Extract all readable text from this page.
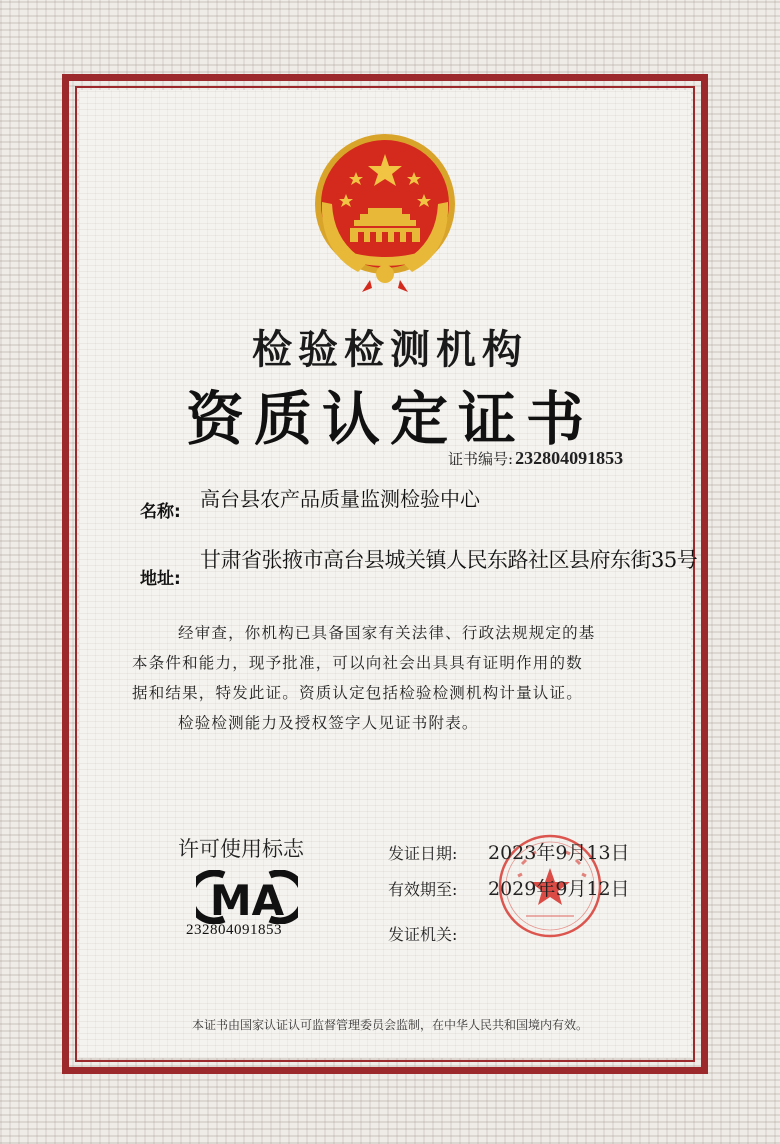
检验检测机构
资质认定证书
证书编号: 232804091853
名称:
高台县农产品质量监测检验中心
地址:
甘肃省张掖市高台县城关镇人民东路社区县府东街35号

经审查，你机构已具备国家有关法律、行政法规规定的基

本条件和能力，现予批准，可以向社会出具具有证明作用的数

据和结果，特发此证。资质认定包括检验检测机构计量认证。

检验检测能力及授权签字人见证书附表。

许可使用标志
MA
232804091853
发证日期: 2023年9月13日
有效期至: 2029年9月12日
发证机关:
本证书由国家认证认可监督管理委员会监制，在中华人民共和国境内有效。
